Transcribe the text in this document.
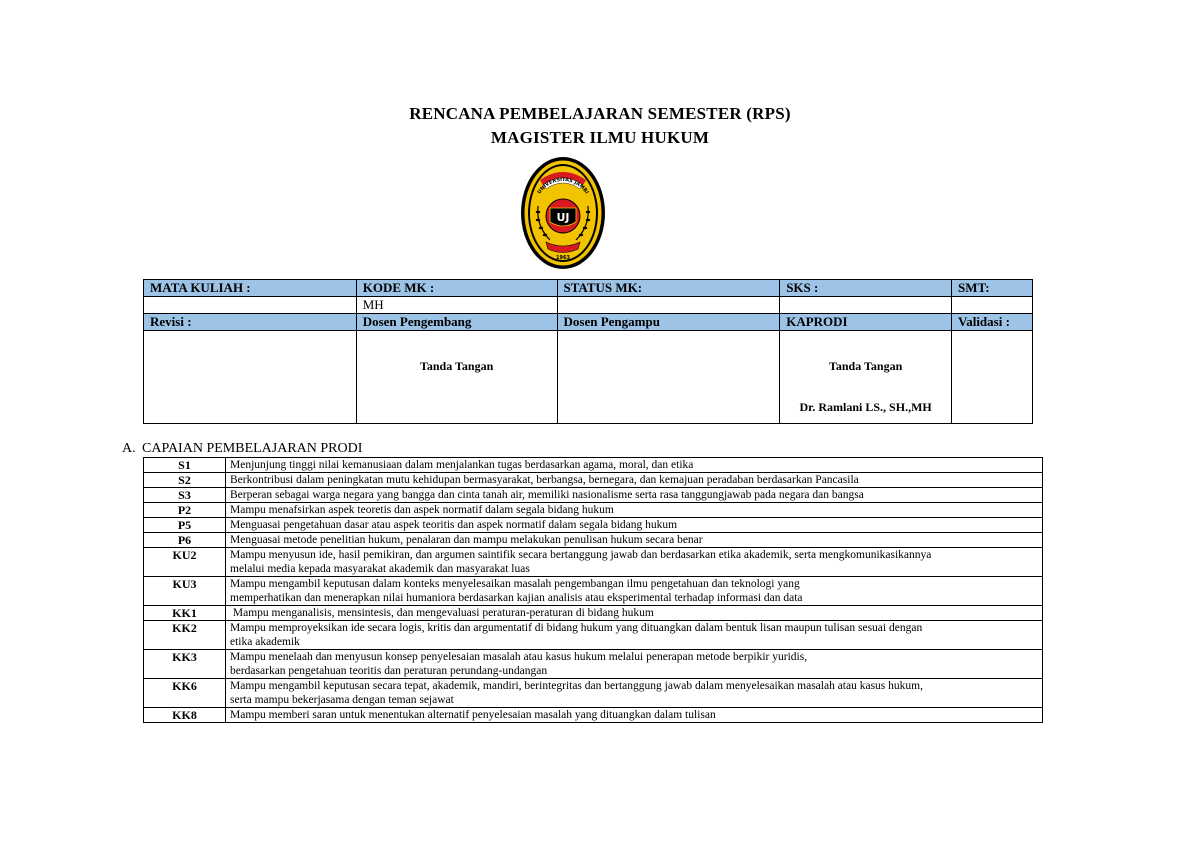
RENCANA PEMBELAJARAN SEMESTER (RPS)
MAGISTER ILMU HUKUM
UNIVERSITAS JAMBI
UJ
1963
MATA KULIAH :	KODE MK :	STATUS MK:	SKS :	SMT:
	MH			
Revisi :	Dosen Pengembang	Dosen Pengampu	KAPRODI	Validasi :

	Tanda Tangan		Tanda Tangan
Dr. Ramlani LS., SH.,MH	

A. CAPAIAN PEMBELAJARAN PRODI
S1	Menjunjung tinggi nilai kemanusiaan dalam menjalankan tugas berdasarkan agama, moral, dan etika

S2	Berkontribusi dalam peningkatan mutu kehidupan bermasyarakat, berbangsa, bernegara, dan kemajuan peradaban berdasarkan Pancasila

S3	Berperan sebagai warga negara yang bangga dan cinta tanah air, memiliki nasionalisme serta rasa tanggungjawab pada negara dan bangsa

P2	Mampu menafsirkan aspek teoretis dan aspek normatif dalam segala bidang hukum

P5	Menguasai pengetahuan dasar atau aspek teoritis dan aspek normatif dalam segala bidang hukum

P6	Menguasai metode penelitian hukum, penalaran dan mampu melakukan penulisan hukum secara benar

KU2	Mampu menyusun ide, hasil pemikiran, dan argumen saintifik secara bertanggung jawab dan berdasarkan etika akademik, serta mengkomunikasikannya
melalui media kepada masyarakat akademik dan masyarakat luas

KU3	Mampu mengambil keputusan dalam konteks menyelesaikan masalah pengembangan ilmu pengetahuan dan teknologi yang
memperhatikan dan menerapkan nilai humaniora berdasarkan kajian analisis atau eksperimental terhadap informasi dan data

KK1	Mampu menganalisis, mensintesis, dan mengevaluasi peraturan-peraturan di bidang hukum

KK2	Mampu memproyeksikan ide secara logis, kritis dan argumentatif di bidang hukum yang dituangkan dalam bentuk lisan maupun tulisan sesuai dengan
etika akademik

KK3	Mampu menelaah dan menyusun konsep penyelesaian masalah atau kasus hukum melalui penerapan metode berpikir yuridis,
berdasarkan pengetahuan teoritis dan peraturan perundang-undangan

KK6	Mampu mengambil keputusan secara tepat, akademik, mandiri, berintegritas dan bertanggung jawab dalam menyelesaikan masalah atau kasus hukum,
serta mampu bekerjasama dengan teman sejawat

KK8	Mampu memberi saran untuk menentukan alternatif penyelesaian masalah yang dituangkan dalam tulisan
